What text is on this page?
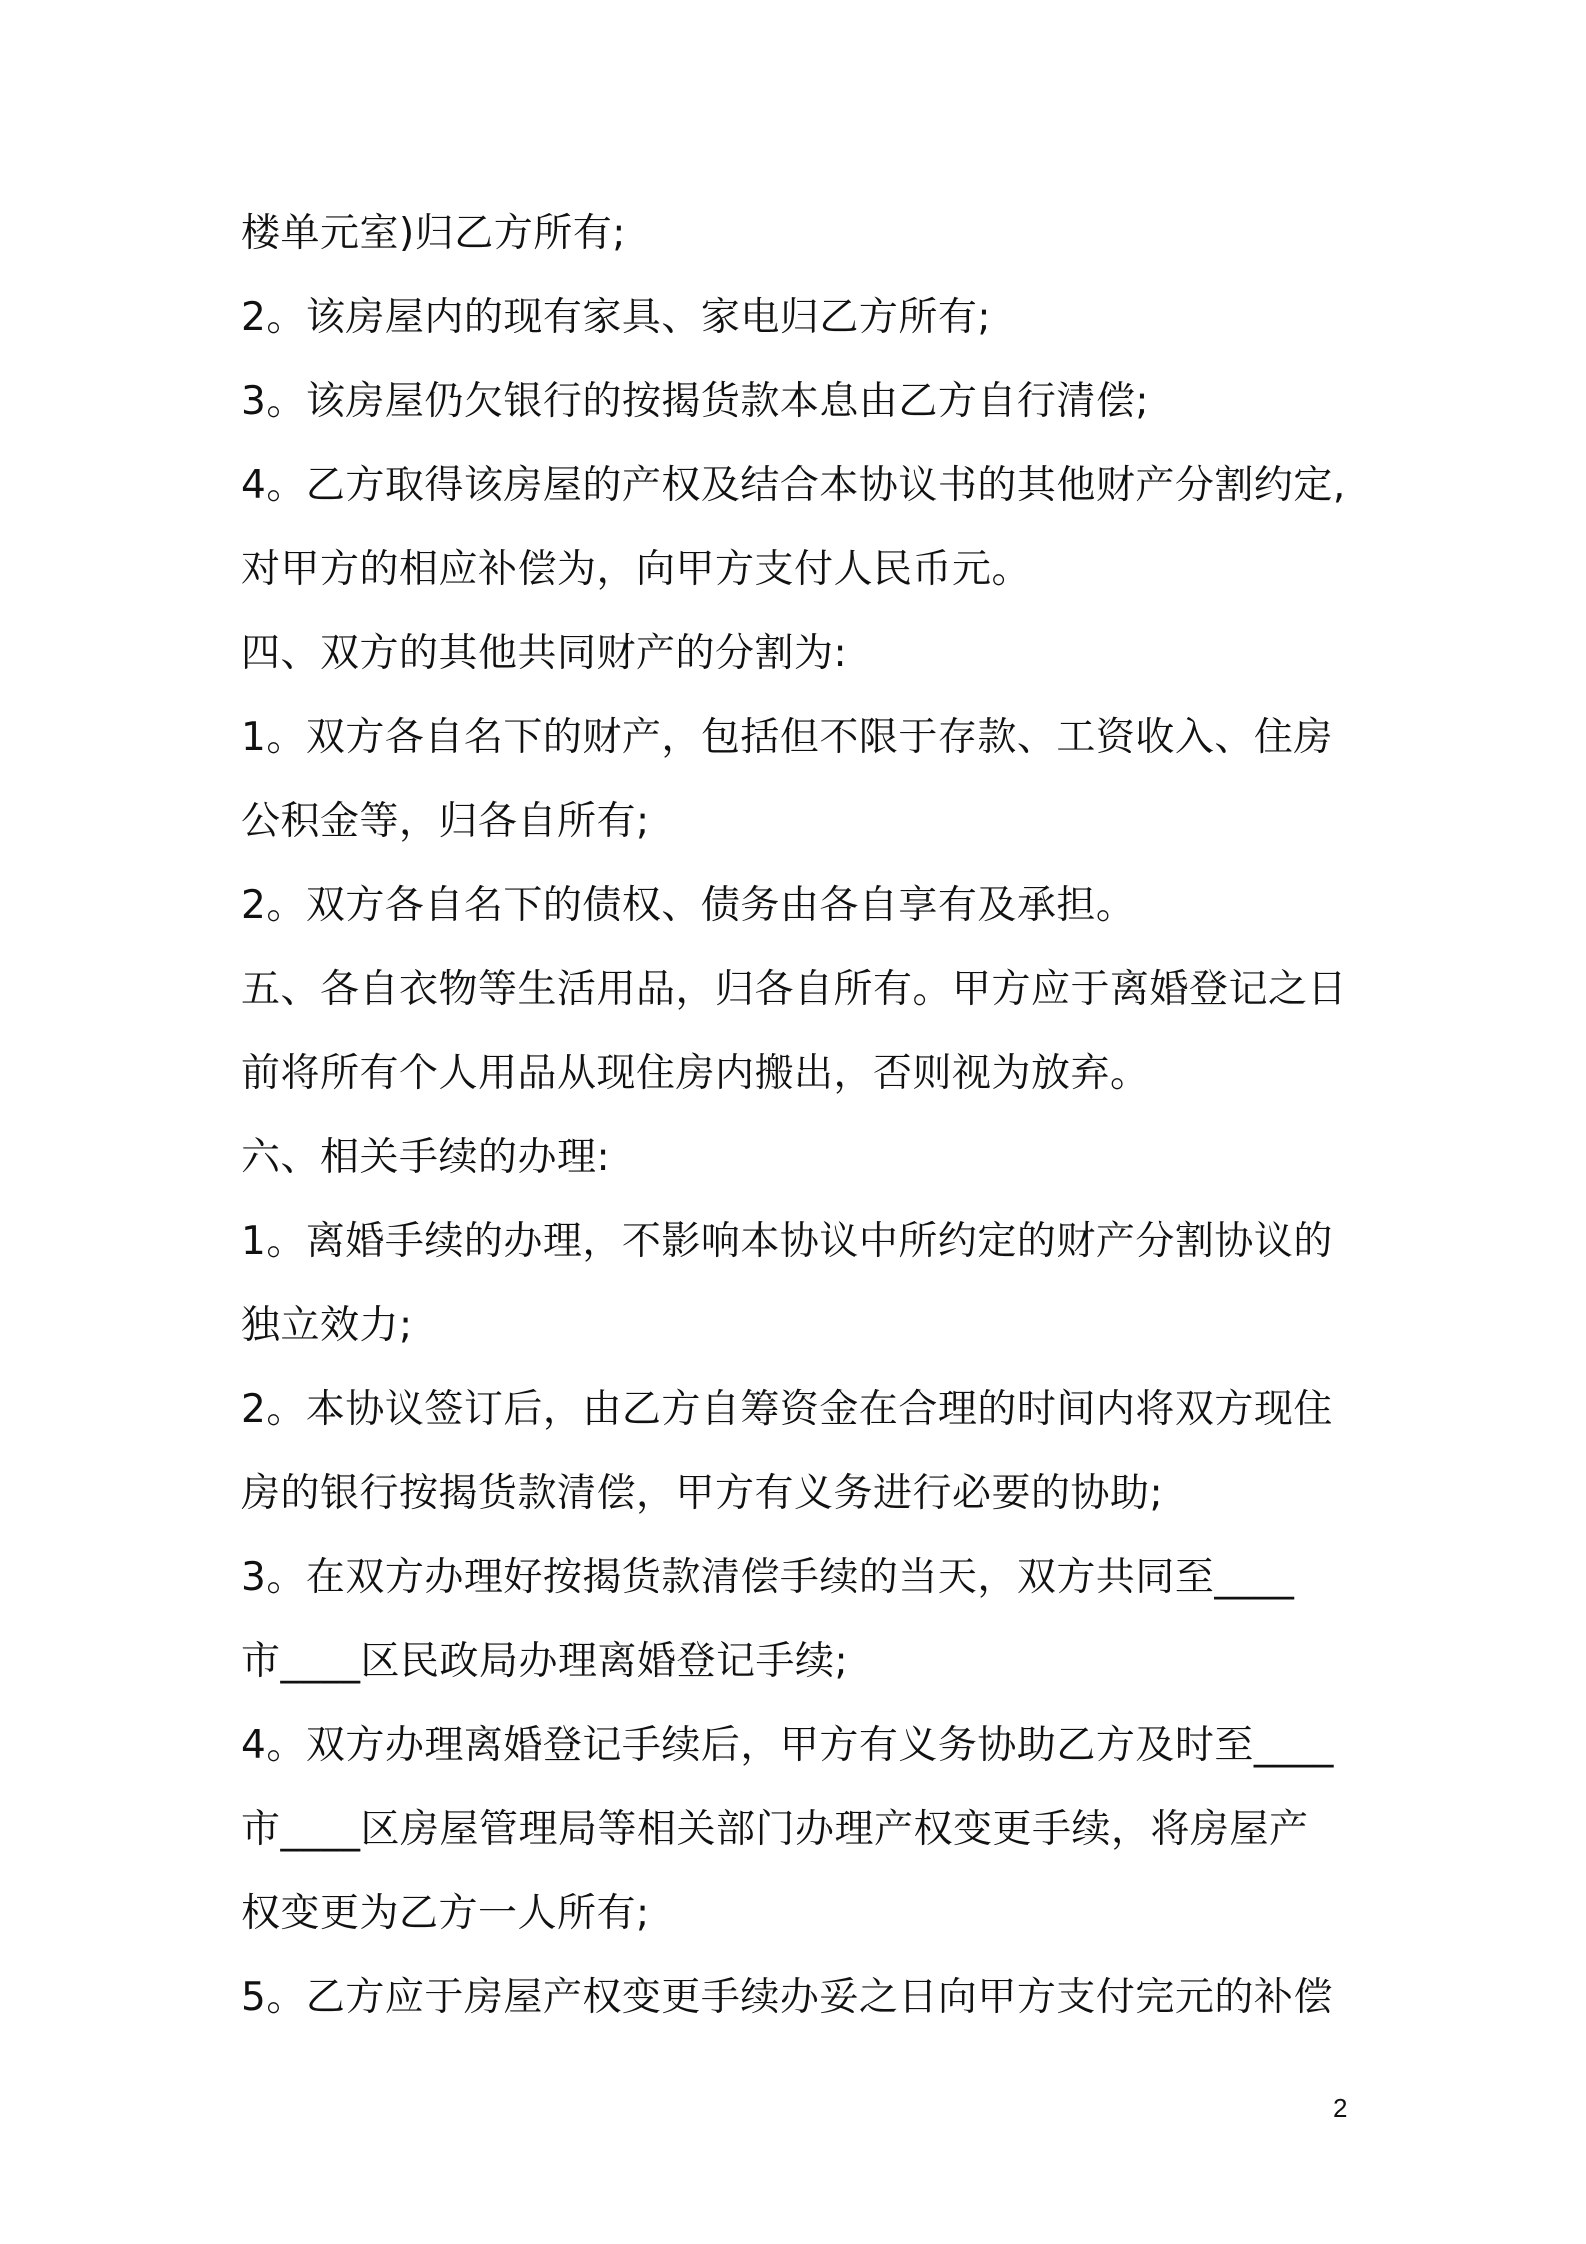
楼单元室)归乙方所有;
2。该房屋内的现有家具、家电归乙方所有;
3。该房屋仍欠银行的按揭货款本息由乙方自行清偿;
4。乙方取得该房屋的产权及结合本协议书的其他财产分割约定,
对甲方的相应补偿为，向甲方支付人民币元。
四、双方的其他共同财产的分割为:
1。双方各自名下的财产，包括但不限于存款、工资收入、住房
公积金等，归各自所有;
2。双方各自名下的债权、债务由各自享有及承担。
五、各自衣物等生活用品，归各自所有。甲方应于离婚登记之日
前将所有个人用品从现住房内搬出，否则视为放弃。
六、相关手续的办理:
1。离婚手续的办理，不影响本协议中所约定的财产分割协议的
独立效力;
2。本协议签订后，由乙方自筹资金在合理的时间内将双方现住
房的银行按揭货款清偿，甲方有义务进行必要的协助;
3。在双方办理好按揭货款清偿手续的当天，双方共同至____
市____区民政局办理离婚登记手续;
4。双方办理离婚登记手续后，甲方有义务协助乙方及时至____
市____区房屋管理局等相关部门办理产权变更手续，将房屋产
权变更为乙方一人所有;
5。乙方应于房屋产权变更手续办妥之日向甲方支付完元的补偿
2
